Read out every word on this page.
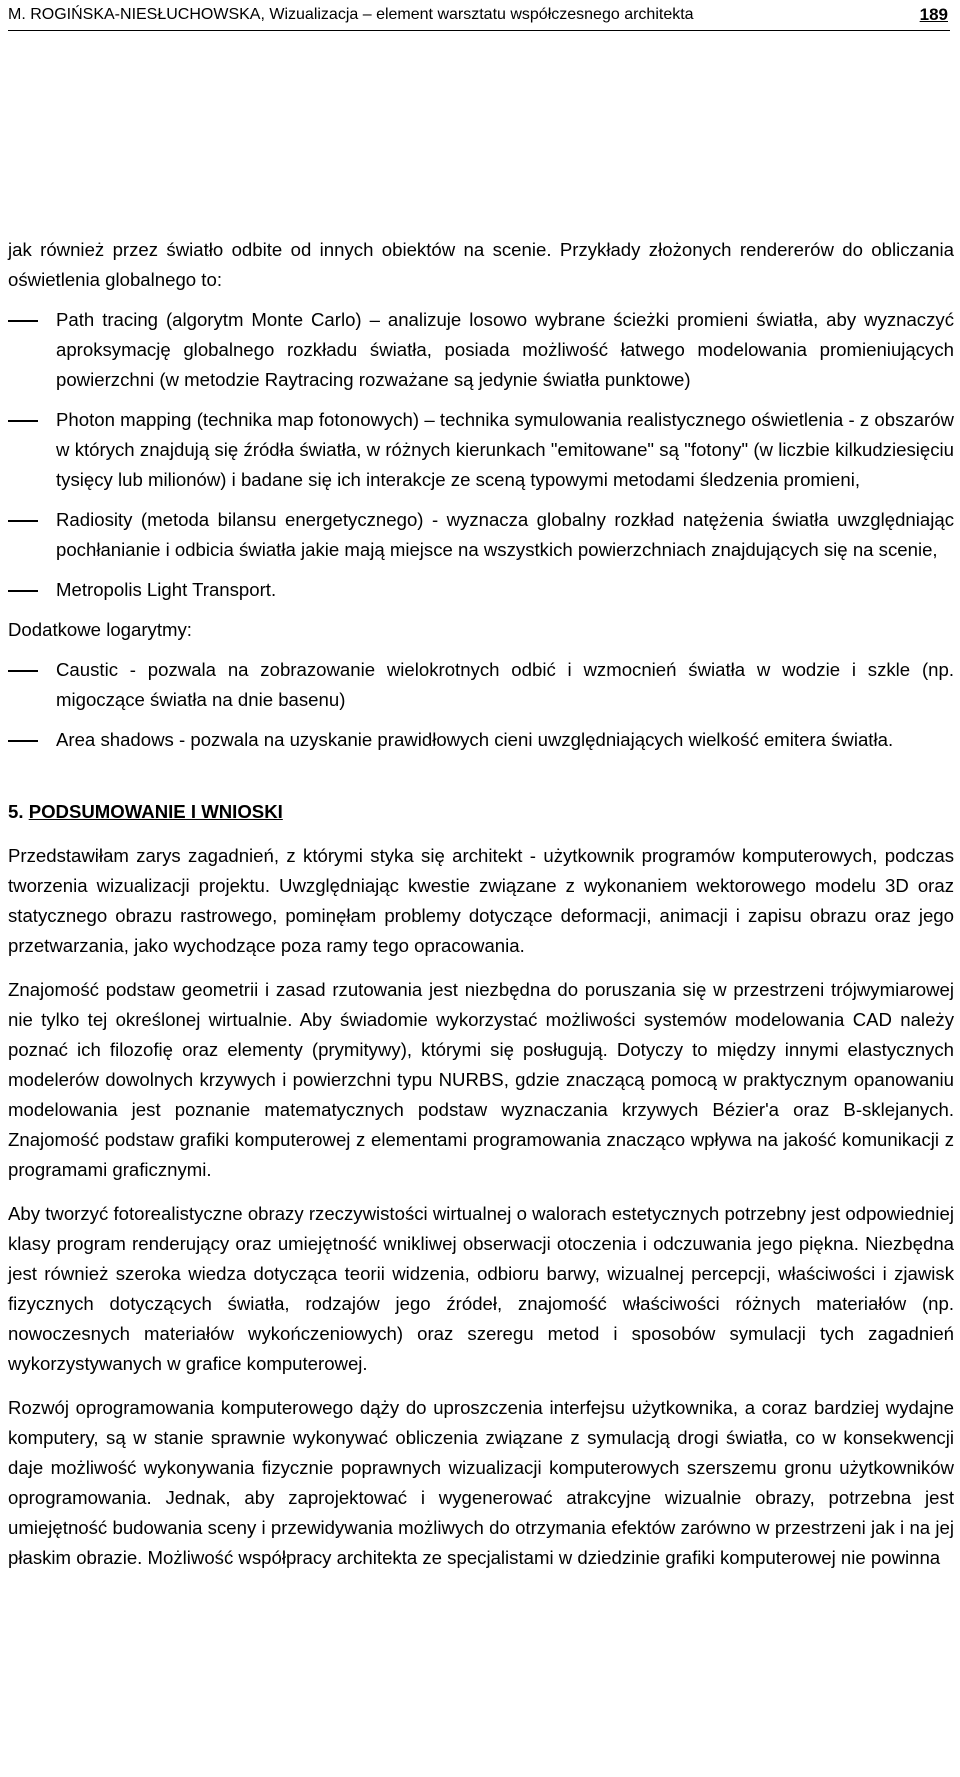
M. ROGIŃSKA-NIESŁUCHOWSKA, Wizualizacja – element warsztatu współczesnego architekta	189

jak również przez światło odbite od innych obiektów na scenie. Przykłady złożonych rendererów do obliczania oświetlenia globalnego to:

Path tracing (algorytm Monte Carlo) – analizuje losowo wybrane ścieżki promieni światła, aby wyznaczyć aproksymację globalnego rozkładu światła, posiada możliwość łatwego modelowania promieniujących powierzchni (w metodzie Raytracing rozważane są jedynie światła punktowe)
Photon mapping (technika map fotonowych) – technika symulowania realistycznego oświetlenia - z obszarów w których znajdują się źródła światła, w różnych kierunkach "emitowane" są "fotony" (w liczbie kilkudziesięciu tysięcy lub milionów) i badane się ich interakcje ze sceną typowymi metodami śledzenia promieni,
Radiosity (metoda bilansu energetycznego) - wyznacza globalny rozkład natężenia światła uwzględniając pochłanianie i odbicia światła jakie mają miejsce na wszystkich powierzchniach znajdujących się na scenie,
Metropolis Light Transport.

Dodatkowe logarytmy:

Caustic - pozwala na zobrazowanie wielokrotnych odbić i wzmocnień światła w wodzie i szkle (np. migoczące światła na dnie basenu)
Area shadows - pozwala na uzyskanie prawidłowych cieni uwzględniających wielkość emitera światła.
5. PODSUMOWANIE I WNIOSKI

Przedstawiłam zarys zagadnień, z którymi styka się architekt - użytkownik programów komputerowych, podczas tworzenia wizualizacji projektu. Uwzględniając kwestie związane z wykonaniem wektorowego modelu 3D oraz statycznego obrazu rastrowego, pominęłam problemy dotyczące deformacji, animacji i zapisu obrazu oraz jego przetwarzania, jako wychodzące poza ramy tego opracowania.

Znajomość podstaw geometrii i zasad rzutowania jest niezbędna do poruszania się w przestrzeni trójwymiarowej nie tylko tej określonej wirtualnie. Aby świadomie wykorzystać możliwości systemów modelowania CAD należy poznać ich filozofię oraz elementy (prymitywy), którymi się posługują. Dotyczy to między innymi elastycznych modelerów dowolnych krzywych i powierzchni typu NURBS, gdzie znaczącą pomocą w praktycznym opanowaniu modelowania jest poznanie matematycznych podstaw wyznaczania krzywych Bézier'a oraz B-sklejanych. Znajomość podstaw grafiki komputerowej z elementami programowania znacząco wpływa na jakość komunikacji z programami graficznymi.

Aby tworzyć fotorealistyczne obrazy rzeczywistości wirtualnej o walorach estetycznych potrzebny jest odpowiedniej klasy program renderujący oraz umiejętność wnikliwej obserwacji otoczenia i odczuwania jego piękna. Niezbędna jest również szeroka wiedza dotycząca teorii widzenia, odbioru barwy, wizualnej percepcji, właściwości i zjawisk fizycznych dotyczących światła, rodzajów jego źródeł, znajomość właściwości różnych materiałów (np. nowoczesnych materiałów wykończeniowych) oraz szeregu metod i sposobów symulacji tych zagadnień wykorzystywanych w grafice komputerowej.

Rozwój oprogramowania komputerowego dąży do uproszczenia interfejsu użytkownika, a coraz bardziej wydajne komputery, są w stanie sprawnie wykonywać obliczenia związane z symulacją drogi światła, co w konsekwencji daje możliwość wykonywania fizycznie poprawnych wizualizacji komputerowych szerszemu gronu użytkowników oprogramowania. Jednak, aby zaprojektować i wygenerować atrakcyjne wizualnie obrazy, potrzebna jest umiejętność budowania sceny i przewidywania możliwych do otrzymania efektów zarówno w przestrzeni jak i na jej płaskim obrazie. Możliwość współpracy architekta ze specjalistami w dziedzinie grafiki komputerowej nie powinna
